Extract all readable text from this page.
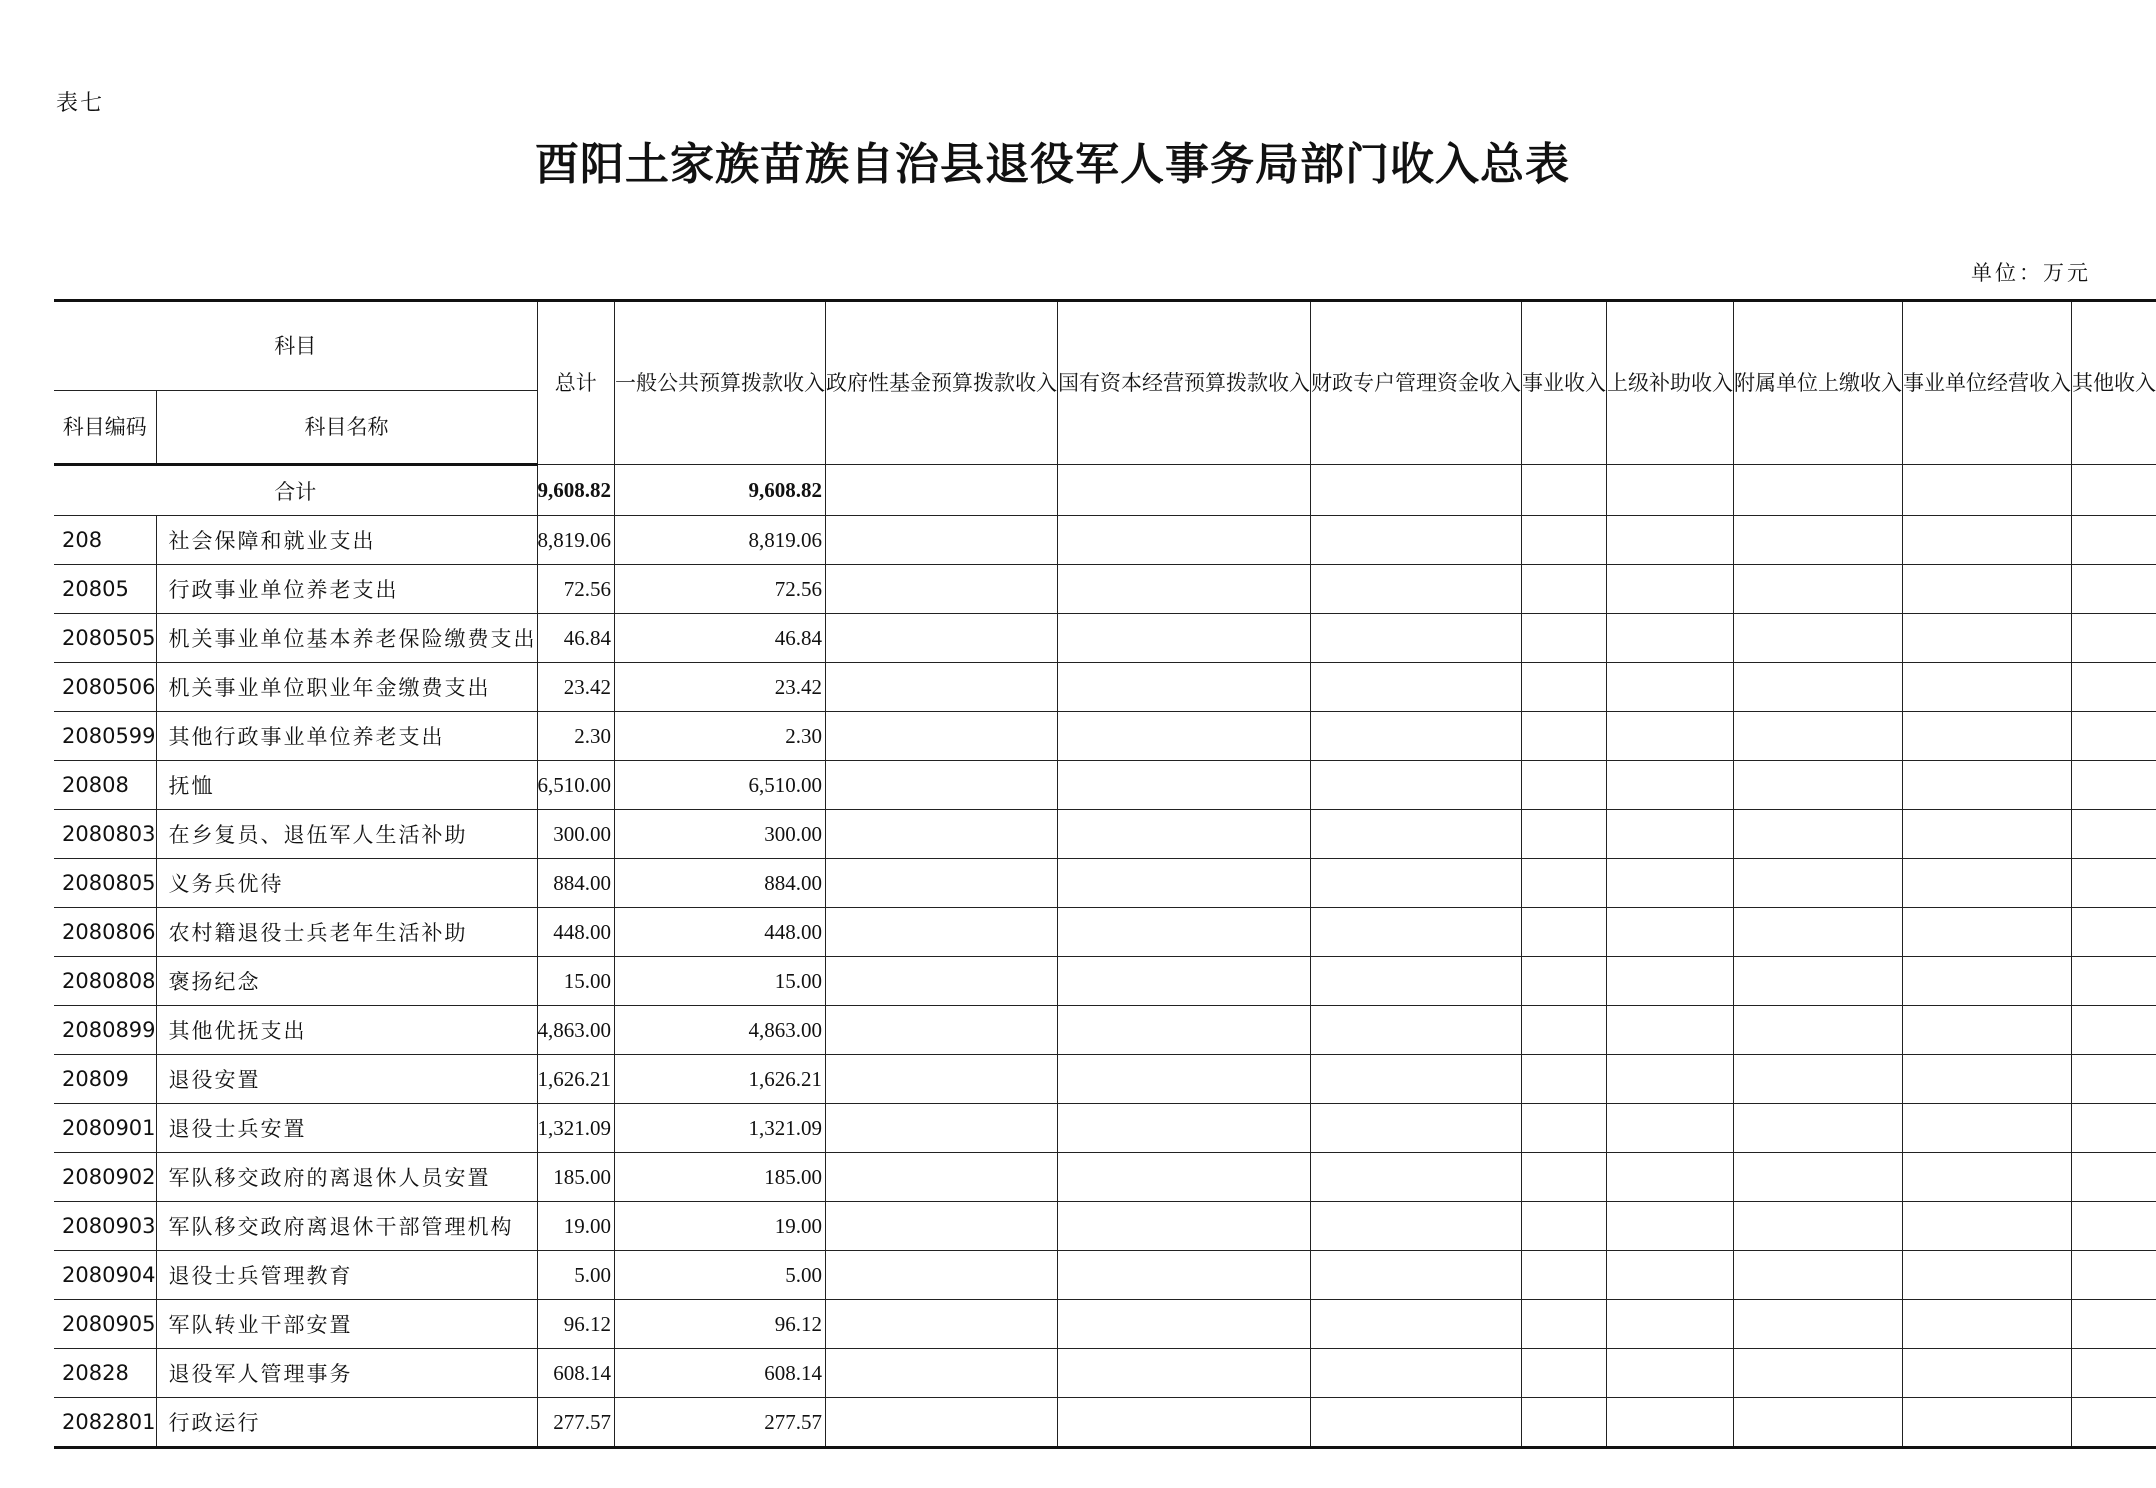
表七
酉阳土家族苗族自治县退役军人事务局部门收入总表
单位：万元
科目		总计	一般公共预算拨款收入	政府性基金预算拨款收入	国有资本经营预算拨款收入	财政专户管理资金收入	事业收入	上级补助收入	附属单位上缴收入	事业单位经营收入	其他收入
科目编码	科目名称										
合计		9,608.82	9,608.82								
208	社会保障和就业支出	8,819.06	8,819.06								
20805	行政事业单位养老支出	72.56	72.56								
2080505	机关事业单位基本养老保险缴费支出	46.84	46.84								
2080506	机关事业单位职业年金缴费支出	23.42	23.42								
2080599	其他行政事业单位养老支出	2.30	2.30								
20808	抚恤	6,510.00	6,510.00								
2080803	在乡复员、退伍军人生活补助	300.00	300.00								
2080805	义务兵优待	884.00	884.00								
2080806	农村籍退役士兵老年生活补助	448.00	448.00								
2080808	褒扬纪念	15.00	15.00								
2080899	其他优抚支出	4,863.00	4,863.00								
20809	退役安置	1,626.21	1,626.21								
2080901	退役士兵安置	1,321.09	1,321.09								
2080902	军队移交政府的离退休人员安置	185.00	185.00								
2080903	军队移交政府离退休干部管理机构	19.00	19.00								
2080904	退役士兵管理教育	5.00	5.00								
2080905	军队转业干部安置	96.12	96.12								
20828	退役军人管理事务	608.14	608.14								
2082801	行政运行	277.57	277.57								
